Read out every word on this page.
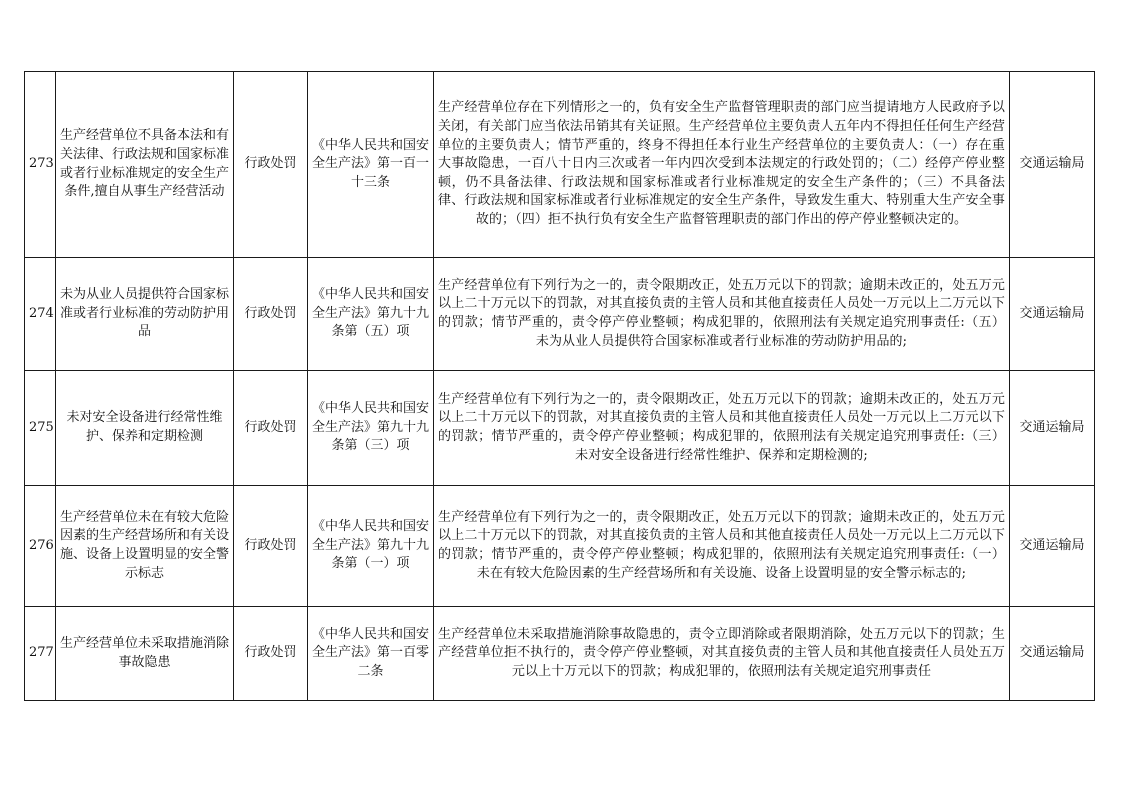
273	生产经营单位不具备本法和有关法律、行政法规和国家标准或者行业标准规定的安全生产条件,擅自从事生产经营活动	行政处罚	《中华人民共和国安全生产法》第一百一十三条	生产经营单位存在下列情形之一的，负有安全生产监督管理职责的部门应当提请地方人民政府予以关闭，有关部门应当依法吊销其有关证照。生产经营单位主要负责人五年内不得担任任何生产经营单位的主要负责人；情节严重的，终身不得担任本行业生产经营单位的主要负责人：（一）存在重大事故隐患，一百八十日内三次或者一年内四次受到本法规定的行政处罚的；（二）经停产停业整顿，仍不具备法律、行政法规和国家标准或者行业标准规定的安全生产条件的；（三）不具备法律、行政法规和国家标准或者行业标准规定的安全生产条件，导致发生重大、特别重大生产安全事故的；（四）拒不执行负有安全生产监督管理职责的部门作出的停产停业整顿决定的。	交通运输局
274	未为从业人员提供符合国家标准或者行业标准的劳动防护用品	行政处罚	《中华人民共和国安全生产法》第九十九条第（五）项	生产经营单位有下列行为之一的，责令限期改正，处五万元以下的罚款；逾期未改正的，处五万元以上二十万元以下的罚款，对其直接负责的主管人员和其他直接责任人员处一万元以上二万元以下的罚款；情节严重的，责令停产停业整顿；构成犯罪的，依照刑法有关规定追究刑事责任:（五）未为从业人员提供符合国家标准或者行业标准的劳动防护用品的;	交通运输局
275	未对安全设备进行经常性维护、保养和定期检测	行政处罚	《中华人民共和国安全生产法》第九十九条第（三）项	生产经营单位有下列行为之一的，责令限期改正，处五万元以下的罚款；逾期未改正的，处五万元以上二十万元以下的罚款，对其直接负责的主管人员和其他直接责任人员处一万元以上二万元以下的罚款；情节严重的，责令停产停业整顿；构成犯罪的，依照刑法有关规定追究刑事责任:（三）未对安全设备进行经常性维护、保养和定期检测的;	交通运输局
276	生产经营单位未在有较大危险因素的生产经营场所和有关设施、设备上设置明显的安全警示标志	行政处罚	《中华人民共和国安全生产法》第九十九条第（一）项	生产经营单位有下列行为之一的，责令限期改正，处五万元以下的罚款；逾期未改正的，处五万元以上二十万元以下的罚款，对其直接负责的主管人员和其他直接责任人员处一万元以上二万元以下的罚款；情节严重的，责令停产停业整顿；构成犯罪的，依照刑法有关规定追究刑事责任:（一）未在有较大危险因素的生产经营场所和有关设施、设备上设置明显的安全警示标志的;	交通运输局
277	生产经营单位未采取措施消除事故隐患	行政处罚	《中华人民共和国安全生产法》第一百零二条	生产经营单位未采取措施消除事故隐患的，责令立即消除或者限期消除，处五万元以下的罚款；生产经营单位拒不执行的，责令停产停业整顿，对其直接负责的主管人员和其他直接责任人员处五万元以上十万元以下的罚款；构成犯罪的，依照刑法有关规定追究刑事责任	交通运输局
